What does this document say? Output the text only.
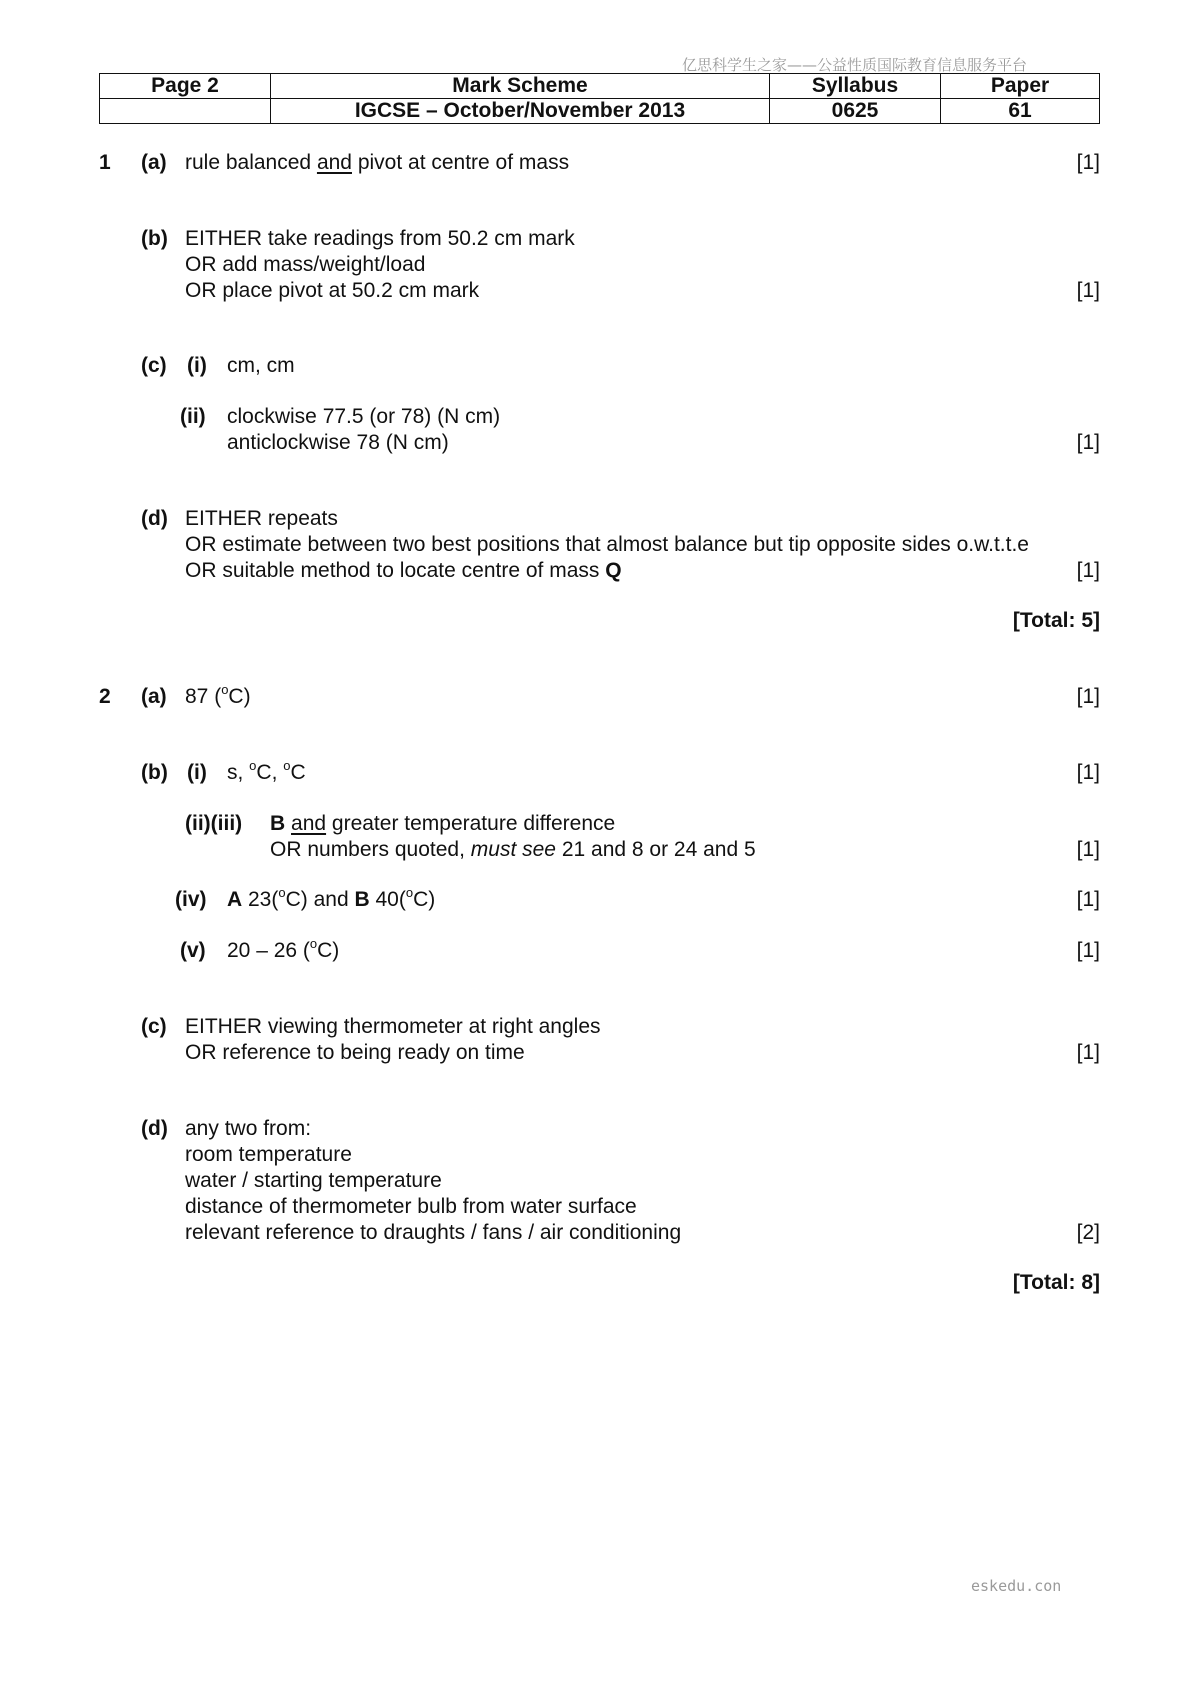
亿思科学生之家——公益性质国际教育信息服务平台
eskedu.con
Page 2	Mark Scheme	Syllabus	Paper
	IGCSE – October/November 2013	0625	61
1 (a) rule balanced and pivot at centre of mass	[1]
(b) EITHER take readings from 50.2 cm mark
OR add mass/weight/load
OR place pivot at 50.2 cm mark	[1]
(c) (i) cm, cm
(ii) clockwise 77.5 (or 78) (N cm)
anticlockwise 78 (N cm)	[1]
(d) EITHER repeats
OR estimate between two best positions that almost balance but tip opposite sides o.w.t.t.e
OR suitable method to locate centre of mass Q	[1]
[Total: 5]
2 (a) 87 ($^o$C)	[1]
(b) (i) s, $^o$C, $^o$C	[1]
(ii)(iii) B and greater temperature difference
OR numbers quoted, must see 21 and 8 or 24 and 5	[1]
(iv) A 23($^o$C) and B 40($^o$C)	[1]
(v) 20 – 26 ($^o$C)	[1]
(c) EITHER viewing thermometer at right angles
OR reference to being ready on time	[1]
(d) any two from:
room temperature
water / starting temperature
distance of thermometer bulb from water surface
relevant reference to draughts / fans / air conditioning	[2]
[Total: 8]
